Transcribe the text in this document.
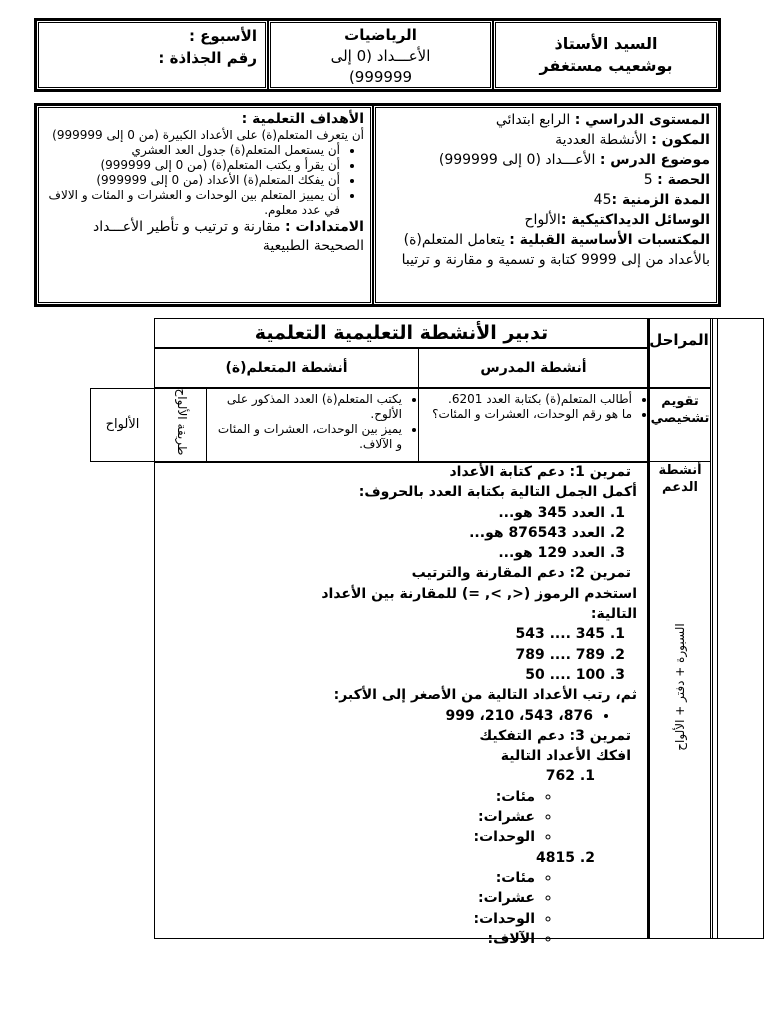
السيد الأستاذ
بوشعيب مستغفر
الرياضيات
الأعـــداد (0 إلى 999999)
الأسبوع :
رقم الجذاذة :

المستوى الدراسي : الرابع ابتدائي

المكون : الأنشطة العددية

موضوع الدرس : الأعـــداد (0 إلى 999999)

الحصة : 5

المدة الزمنية :45

الوسائل الديداكتيكية :الألواح

المكتسبات الأساسية القبلية : يتعامل المتعلم(ة) بالأعداد من إلى 9999 كتابة و تسمية و مقارنة و ترتيبا

الأهداف التعلمية :

أن يتعرف المتعلم(ة) على الأعداد الكبيرة (من 0 إلى 999999)

• أن يستعمل المتعلم(ة) جدول العد العشري
• أن يقرأ و يكتب المتعلم(ة) (من 0 إلى 999999)
• أن يفكك المتعلم(ة) الأعداد (من 0 إلى 999999)
• أن يمييز المتعلم بين الوحدات و العشرات و المئات و الالاف في عدد معلوم.

الامتدادات : مقارنة و ترتيب و تأطير الأعـــداد الصحيحة الطبيعية

تدبير الأنشطة التعليمية التعلمية	المراحل
أنشطة المدرس
أنشطة المتعلم(ة)
تقويم تشخيصي
• أطالب المتعلم(ة) بكتابة العدد 6201.
• ما هو رقم الوحدات، العشرات و المئات؟
• يكتب المتعلم(ة) العدد المذكور على الألوح.
• يميز بين الوحدات، العشرات و المئات و الآلاف.
طريقة الألواح
الألواح
أنشطة الدعم
السبورة + دفتر + الألواح

تمرين 1: دعم كتابة الأعداد

أكمل الجمل التالية بكتابة العدد بالحروف:

1. العدد 345 هو...
2. العدد 876543 هو...
3. العدد 129 هو...

تمرين 2: دعم المقارنة والترتيب

استخدم الرموز (<, >, =) للمقارنة بين الأعداد التالية:

1. 345 .... 543
2. 789 .... 789
3. 100 .... 50

ثم، رتب الأعداد التالية من الأصغر إلى الأكبر:

• 876، 543، 210، 999

تمرين 3: دعم التفكيك

افكك الأعداد التالية

1. 762
◦ مئات:
◦ عشرات:
◦ الوحدات:
2. 4815
◦ مئات:
◦ عشرات:
◦ الوحدات:
◦ الآلاف:
